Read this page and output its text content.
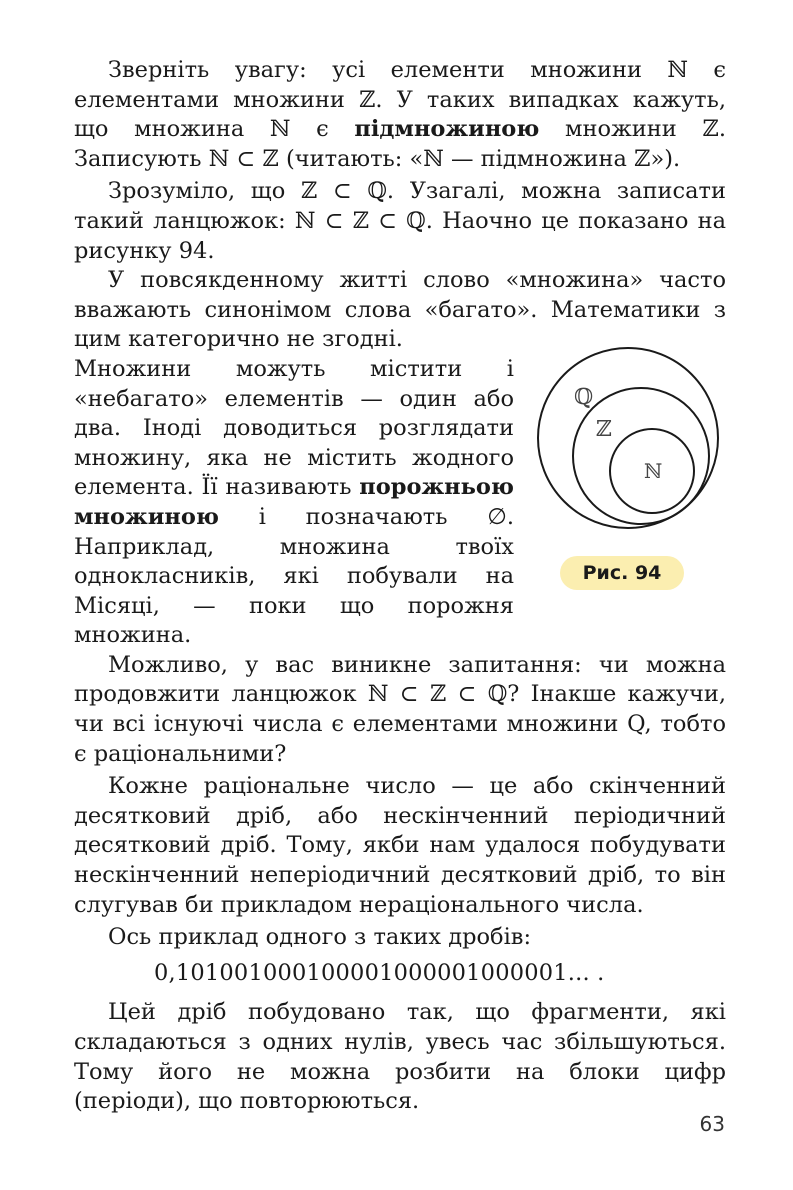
Зверніть увагу: усі елементи множини ℕ є елементами множини ℤ. У таких випадках кажуть, що множина ℕ є підмножиною множини ℤ. Записують ℕ ⊂ ℤ (читають: «ℕ — підмножина ℤ»).

Зрозуміло, що ℤ ⊂ ℚ. Узагалі, можна записати такий ланцюжок: ℕ ⊂ ℤ ⊂ ℚ. Наочно це показано на рисунку 94.

У повсякденному житті слово «множина» часто вважають синонімом слова «багато». Математики з цим категорично не згодні.

Множини можуть містити і «небагато» елементів — один або два. Іноді доводиться розглядати множину, яка не містить жодного елемента. Її називають порожньою множиною і позначають ∅. Наприклад, множина твоїх однокласників, які побували на Місяці, — поки що порожня множина.

ℚ
ℤ
ℕ
Рис. 94

Можливо, у вас виникне запитання: чи можна продовжити ланцюжок ℕ ⊂ ℤ ⊂ ℚ? Інакше кажучи, чи всі існуючі числа є елементами множини Q, тобто є раціональними?

Кожне раціональне число — це або скінченний десятковий дріб, або нескінченний періодичний десятковий дріб. Тому, якби нам удалося побудувати нескінченний неперіодичний десятковий дріб, то він слугував би прикладом нераціонального числа.

Ось приклад одного з таких дробів:

0,101001000100001000001000001... .

Цей дріб побудовано так, що фрагменти, які складаються з одних нулів, увесь час збільшуються. Тому його не можна розбити на блоки цифр (періоди), що повторюються.

63
